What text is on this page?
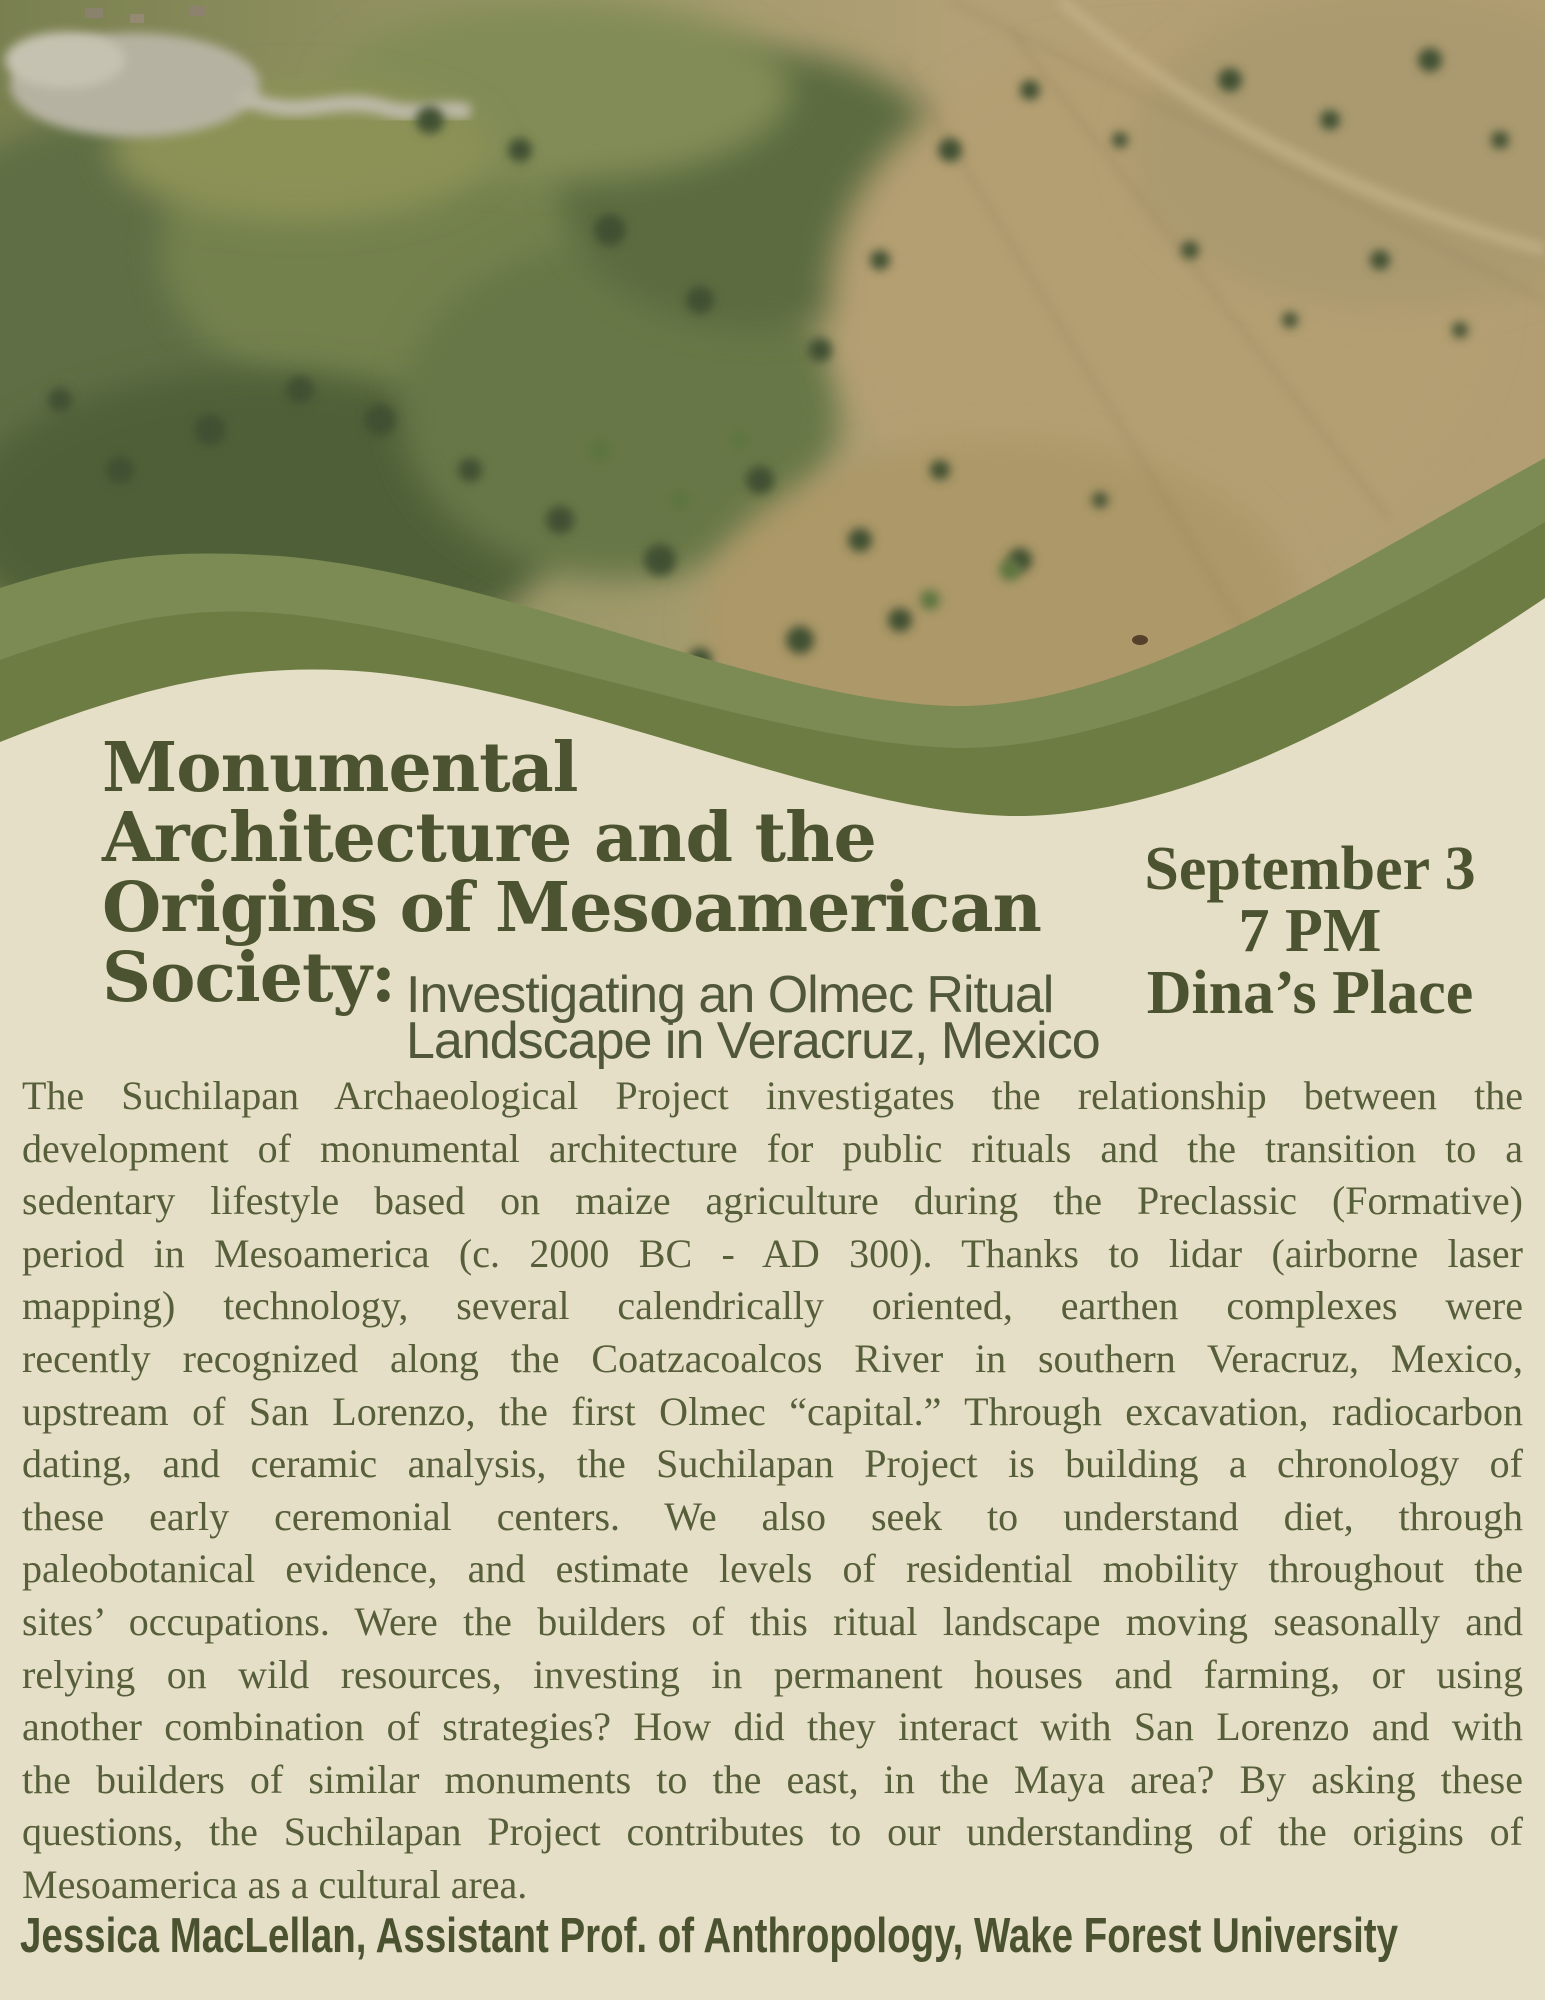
Monumental
Architecture and the
Origins of Mesoamerican
Society: Investigating an Olmec Ritual
Landscape in Veracruz, Mexico
September 3
7 PM
Dina’s Place
The Suchilapan Archaeological Project investigates the relationship between the
development of monumental architecture for public rituals and the transition to a
sedentary lifestyle based on maize agriculture during the Preclassic (Formative)
period in Mesoamerica (c. 2000 BC - AD 300). Thanks to lidar (airborne laser
mapping) technology, several calendrically oriented, earthen complexes were
recently recognized along the Coatzacoalcos River in southern Veracruz, Mexico,
upstream of San Lorenzo, the first Olmec “capital.” Through excavation, radiocarbon
dating, and ceramic analysis, the Suchilapan Project is building a chronology of
these early ceremonial centers. We also seek to understand diet, through
paleobotanical evidence, and estimate levels of residential mobility throughout the
sites’ occupations. Were the builders of this ritual landscape moving seasonally and
relying on wild resources, investing in permanent houses and farming, or using
another combination of strategies? How did they interact with San Lorenzo and with
the builders of similar monuments to the east, in the Maya area? By asking these
questions, the Suchilapan Project contributes to our understanding of the origins of
Mesoamerica as a cultural area.
Jessica MacLellan, Assistant Prof. of Anthropology, Wake Forest University
